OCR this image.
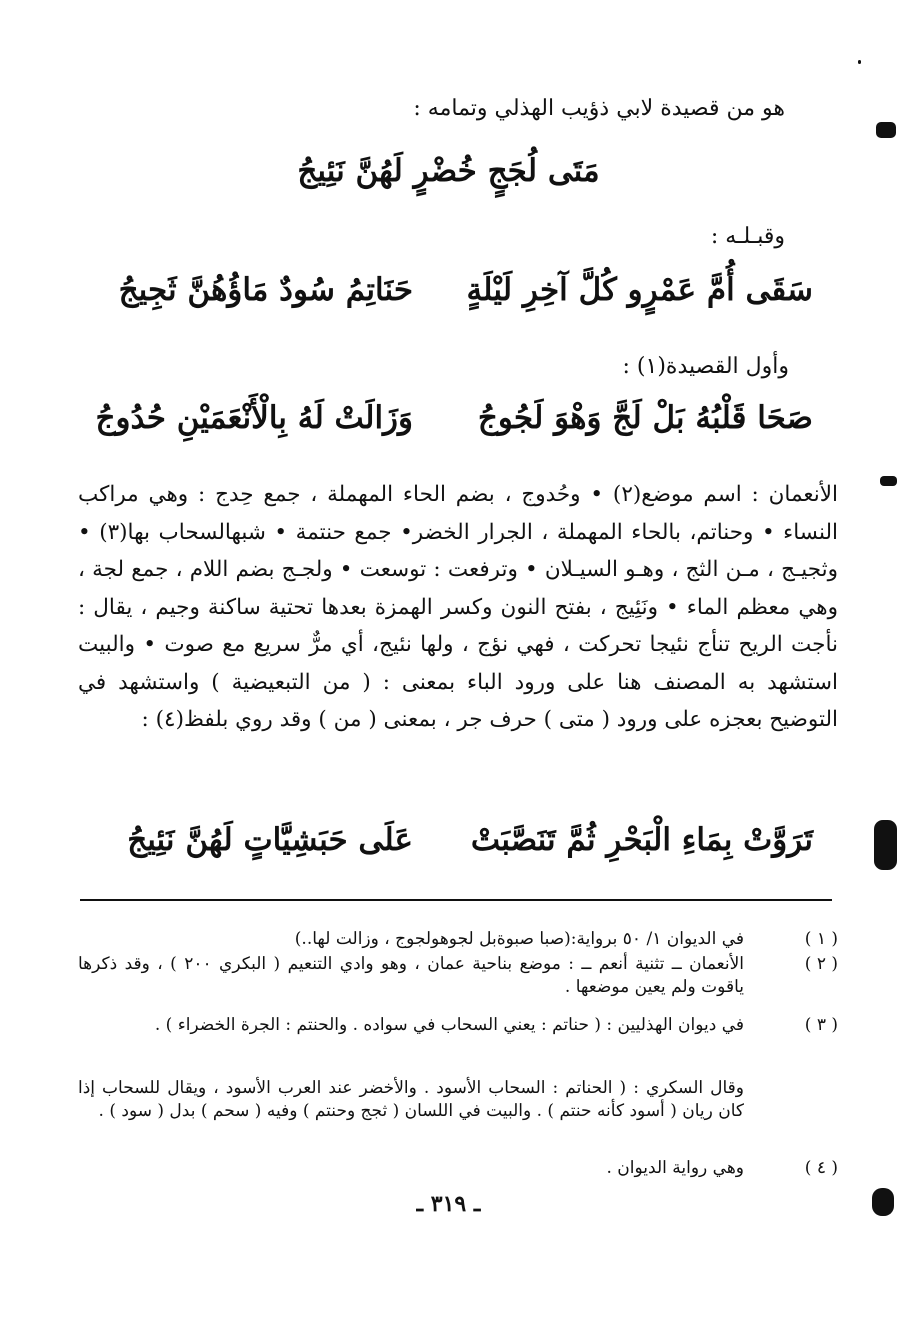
هو من قصيدة لابي ذؤيب الهذلي وتمامه :
مَتَى لُجَجٍ خُضْرٍ لَهُنَّ نَئِيجُ
وقبـلـه :
سَقَى أُمَّ عَمْرٍو كُلَّ آخِرِ لَيْلَةٍ
حَنَاتِمُ سُودٌ مَاؤُهُنَّ ثَجِيجُ
وأول القصيدة(١) :
صَحَا قَلْبُهُ بَلْ لَجَّ وَهْوَ لَجُوجُ
وَزَالَتْ لَهُ بِالْأَنْعَمَيْنِ حُدُوجُ
الأنعمان : اسم موضع(٢) • وحُدوج ، بضم الحاء المهملة ، جمع حِدج : وهي مراكب النساء • وحناتم، بالحاء المهملة ، الجرار الخضر• جمع حنتمة • شبهالسحاب بها(٣) • وثجيـج ، مـن الثج ، وهـو السيـلان • وترفعت : توسعت • ولجـج بضم اللام ، جمع لجة ، وهي معظم الماء • ونَئِيج ، بفتح النون وكسر الهمزة بعدها تحتية ساكنة وجيم ، يقال : نأجت الريح تنأج نئيجا تحركت ، فهي نؤج ، ولها نئيج، أي مرٌّ سريع مع صوت • والبيت استشهد به المصنف هنا على ورود الباء بمعنى : ( من التبعيضية ) واستشهد في التوضيح بعجزه على ورود ( متى ) حرف جر ، بمعنى ( من ) وقد روي بلفظ(٤) :
تَرَوَّتْ بِمَاءِ الْبَحْرِ ثُمَّ تَنَصَّبَتْ
عَلَى حَبَشِيَّاتٍ لَهُنَّ نَئِيجُ
( ١ )
في الديوان ١/ ٥٠ برواية:(صبا صبوةبل لجوهولجوج ، وزالت لها..)
( ٢ )
الأنعمان ــ تثنية أنعم ــ : موضع بناحية عمان ، وهو وادي التنعيم ( البكري ٢٠٠ ) ، وقد ذكرها ياقوت ولم يعين موضعها .
( ٣ )
في ديوان الهذليين : ( حناتم : يعني السحاب في سواده . والحنتم : الجرة الخضراء ) .
وقال السكري : ( الحناتم : السحاب الأسود . والأخضر عند العرب الأسود ، ويقال للسحاب إذا كان ريان ( أسود كأنه حنتم ) . والبيت في اللسان ( ثجج وحنتم ) وفيه ( سحم ) بدل ( سود ) .
( ٤ )
وهي رواية الديوان .
ـ ٣١٩ ـ
